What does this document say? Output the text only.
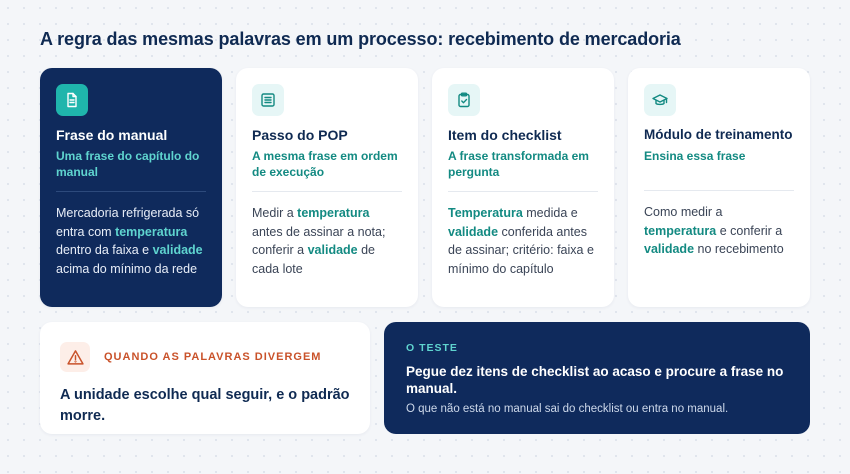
A regra das mesmas palavras em um processo: recebimento de mercadoria
Frase do manual
Uma frase do capítulo do manual
Mercadoria refrigerada só entra com temperatura dentro da faixa e validade acima do mínimo da rede
Passo do POP
A mesma frase em ordem de execução
Medir a temperatura antes de assinar a nota; conferir a validade de cada lote
Item do checklist
A frase transformada em pergunta
Temperatura medida e validade conferida antes de assinar; critério: faixa e mínimo do capítulo
Módulo de treinamento
Ensina essa frase
Como medir a temperatura e conferir a validade no recebimento
QUANDO AS PALAVRAS DIVERGEM
A unidade escolhe qual seguir, e o padrão morre.
O TESTE
Pegue dez itens de checklist ao acaso e procure a frase no manual.
O que não está no manual sai do checklist ou entra no manual.
